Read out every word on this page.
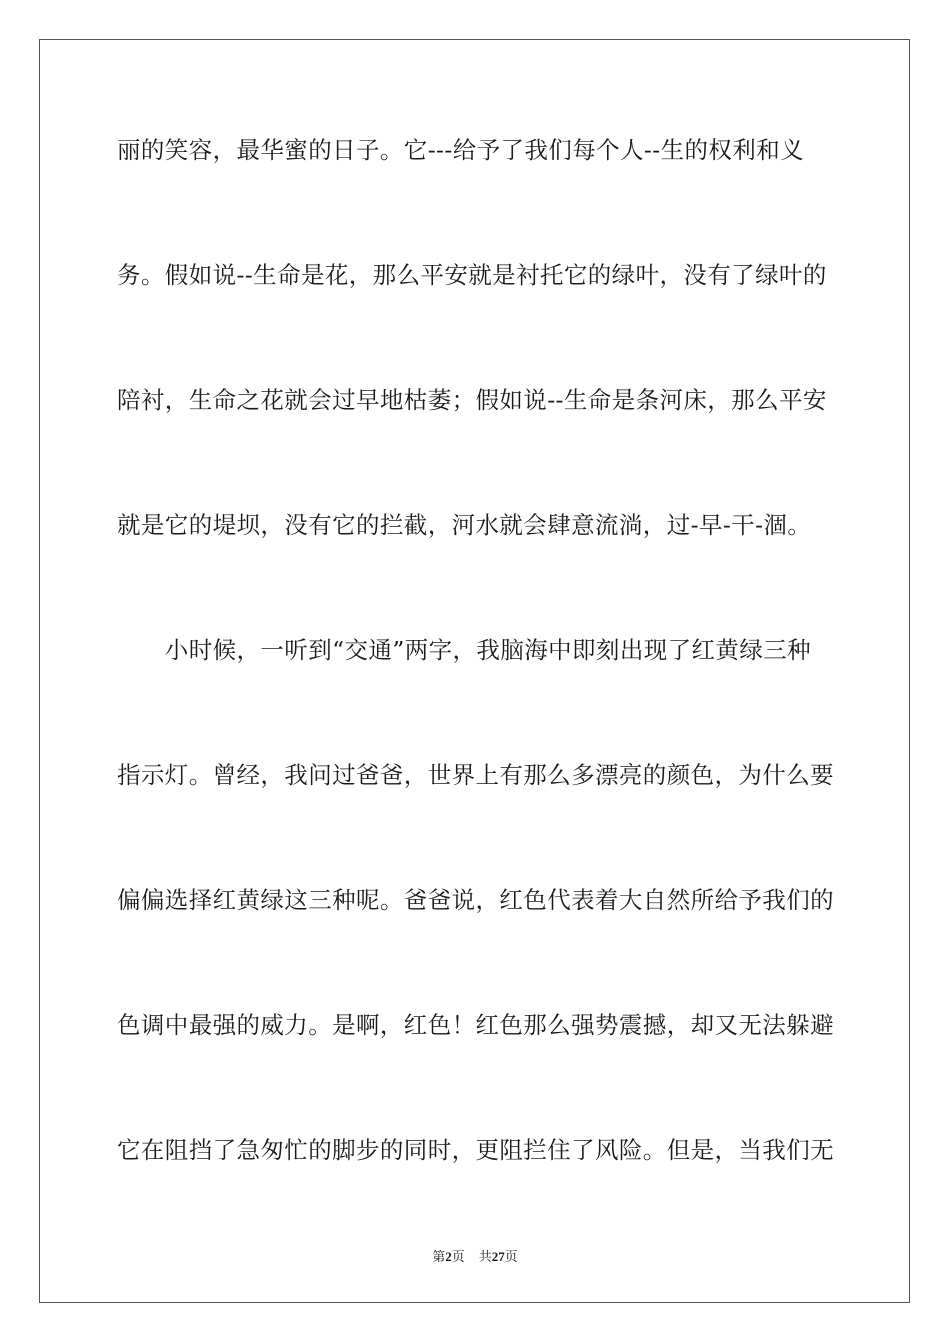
丽的笑容，最华蜜的日子。它---给予了我们每个人--生的权利和义
务。假如说--生命是花，那么平安就是衬托它的绿叶，没有了绿叶的
陪衬，生命之花就会过早地枯萎；假如说--生命是条河床，那么平安
就是它的堤坝，没有它的拦截，河水就会肆意流淌，过-早-干-涸。
　　小时候，一听到“交通”两字，我脑海中即刻出现了红黄绿三种
指示灯。曾经，我问过爸爸，世界上有那么多漂亮的颜色，为什么要
偏偏选择红黄绿这三种呢。爸爸说，红色代表着大自然所给予我们的
色调中最强的威力。是啊，红色！红色那么强势震撼，却又无法躲避
它在阻挡了急匆忙的脚步的同时，更阻拦住了风险。但是，当我们无
第2页 共27页
